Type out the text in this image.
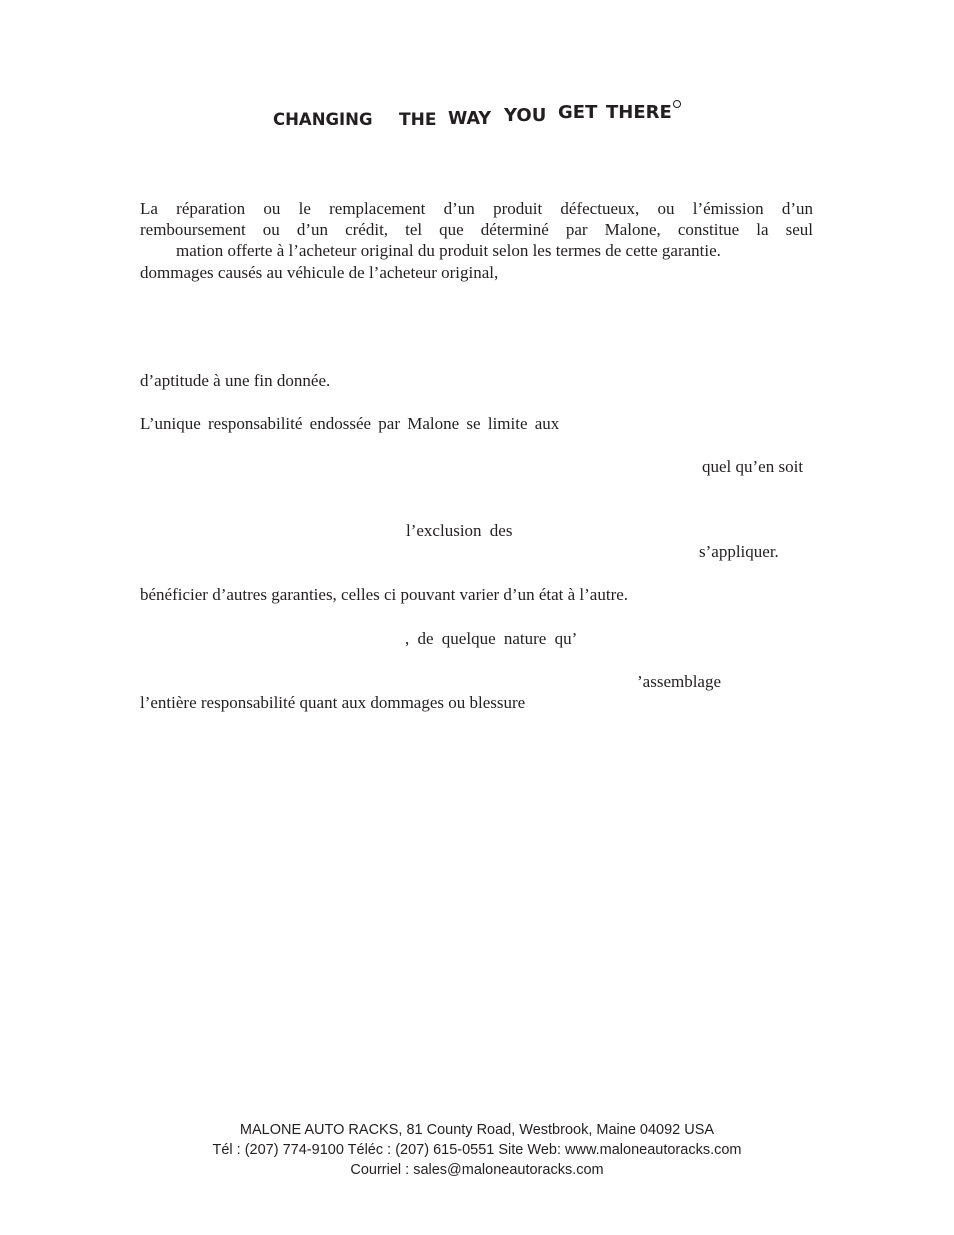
CHANGING THE WAY YOU GET THERE
La réparation ou le remplacement d’un produit défectueux, ou l’émission d’un
remboursement ou d’un crédit, tel que déterminé par Malone, constitue la seul
mation offerte à l’acheteur original du produit selon les termes de cette garantie.
dommages causés au véhicule de l’acheteur original,
d’aptitude à une fin donnée.
L’unique responsabilité endossée par Malone se limite aux
quel qu’en soit
l’exclusion des
s’appliquer.
bénéficier d’autres garanties, celles ci pouvant varier d’un état à l’autre.
, de quelque nature qu’
’assemblage
l’entière responsabilité quant aux dommages ou blessure
MALONE AUTO RACKS, 81 County Road, Westbrook, Maine 04092 USA
Tél : (207) 774-9100 Téléc : (207) 615-0551 Site Web: www.maloneautoracks.com
Courriel : sales@maloneautoracks.com
